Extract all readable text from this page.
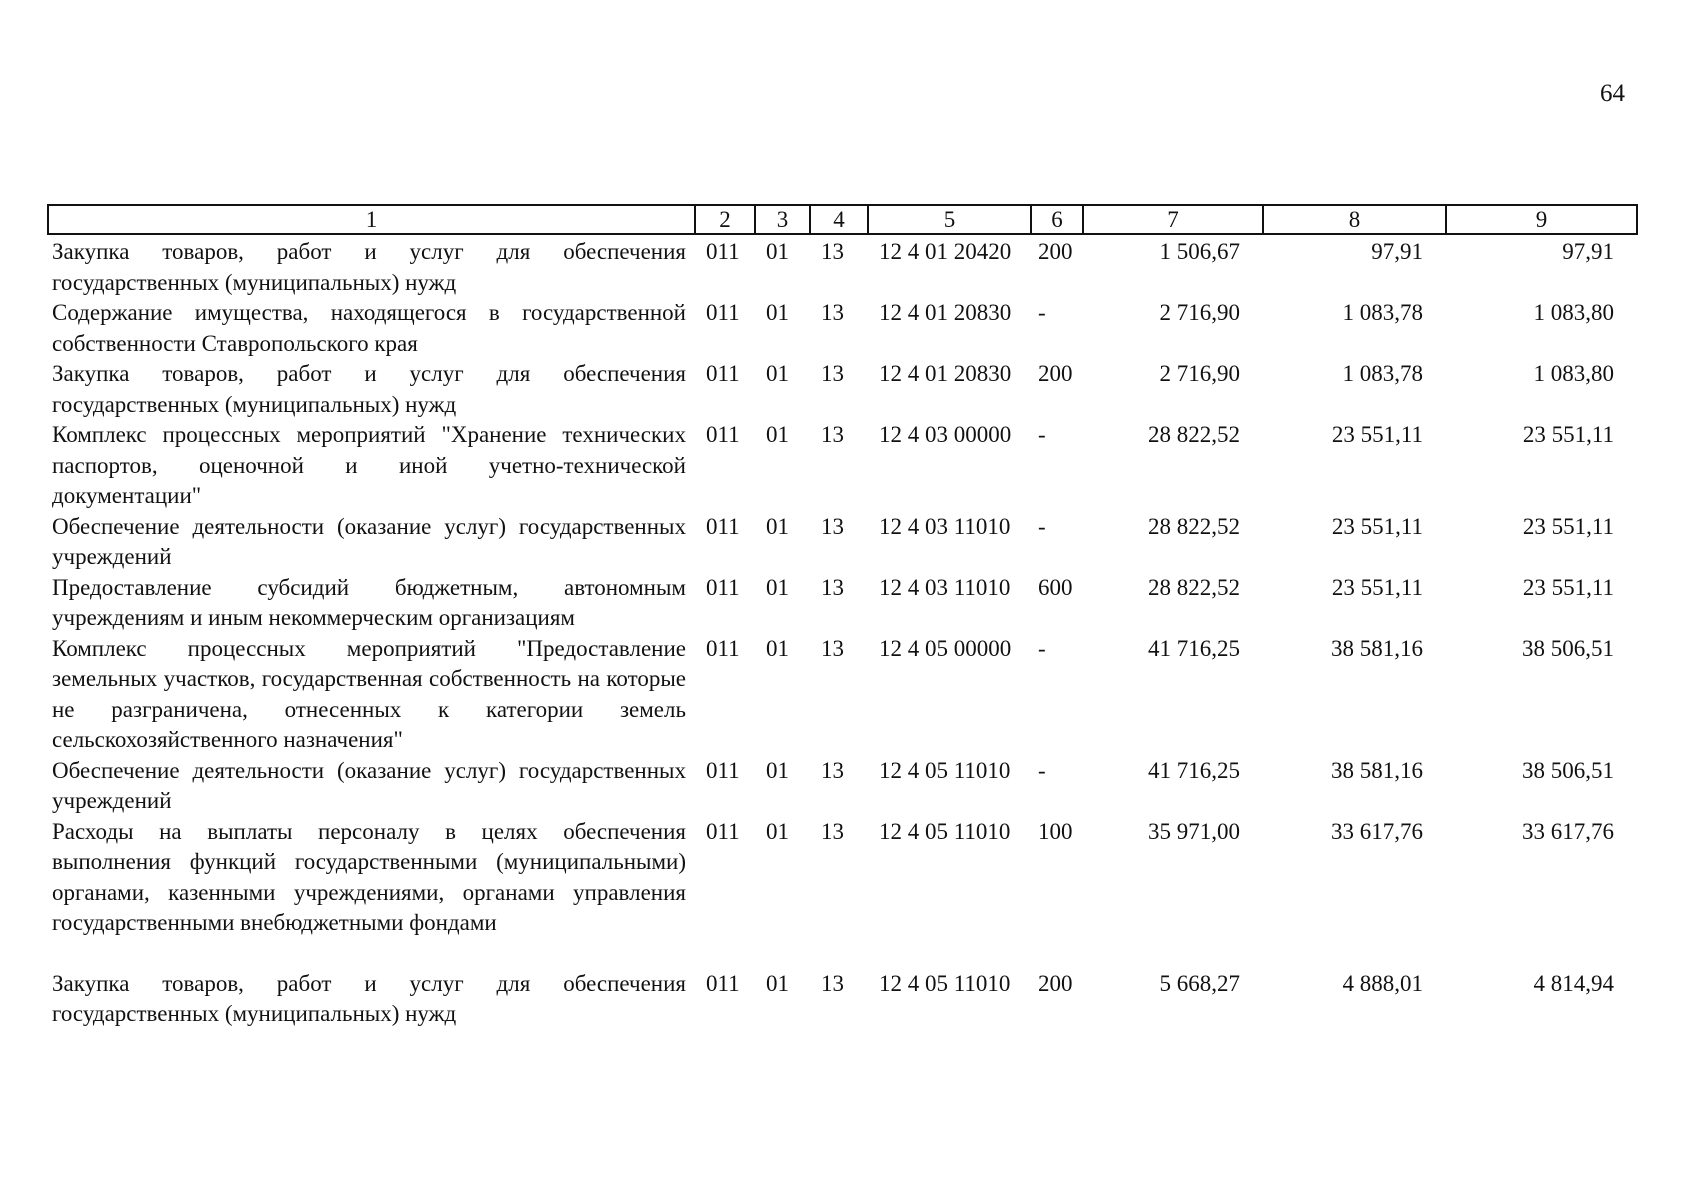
64
1	2	3	4	5	6	7	8	9
Закупка товаров, работ и услуг для обеспечения государственных (муниципальных) нужд	011	01	13	12 4 01 20420	200	1 506,67	97,91	97,91
Содержание имущества, находящегося в государственной собственности Ставропольского края	011	01	13	12 4 01 20830	-	2 716,90	1 083,78	1 083,80
Закупка товаров, работ и услуг для обеспечения государственных (муниципальных) нужд	011	01	13	12 4 01 20830	200	2 716,90	1 083,78	1 083,80
Комплекс процессных мероприятий "Хранение технических паспортов, оценочной и иной учетно-технической документации"	011	01	13	12 4 03 00000	-	28 822,52	23 551,11	23 551,11
Обеспечение деятельности (оказание услуг) государственных учреждений	011	01	13	12 4 03 11010	-	28 822,52	23 551,11	23 551,11
Предоставление субсидий бюджетным, автономным учреждениям и иным некоммерческим организациям	011	01	13	12 4 03 11010	600	28 822,52	23 551,11	23 551,11
Комплекс процессных мероприятий "Предоставление земельных участков, государственная собственность на которые не разграничена, отнесенных к категории земель сельскохозяйственного назначения"	011	01	13	12 4 05 00000	-	41 716,25	38 581,16	38 506,51
Обеспечение деятельности (оказание услуг) государственных учреждений	011	01	13	12 4 05 11010	-	41 716,25	38 581,16	38 506,51
Расходы на выплаты персоналу в целях обеспечения выполнения функций государственными (муниципальными) органами, казенными учреждениями, органами управления государственными внебюджетными фондами	011	01	13	12 4 05 11010	100	35 971,00	33 617,76	33 617,76

Закупка товаров, работ и услуг для обеспечения государственных (муниципальных) нужд	011	01	13	12 4 05 11010	200	5 668,27	4 888,01	4 814,94
